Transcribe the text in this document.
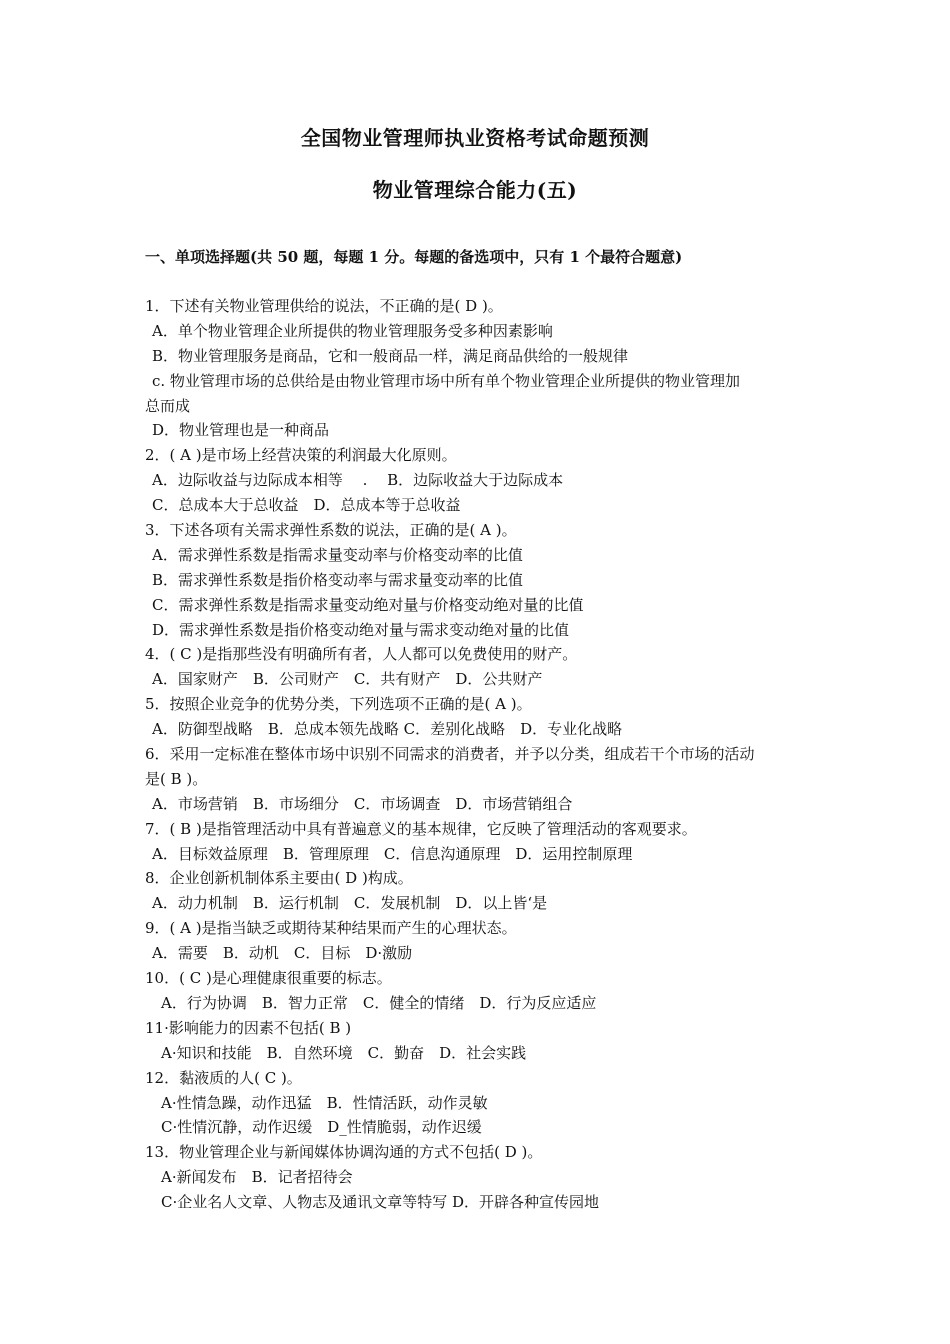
全国物业管理师执业资格考试命题预测
物业管理综合能力(五)
一、单项选择题(共 50 题，每题 1 分。每题的备选项中，只有 1 个最符合题意)
1．下述有关物业管理供给的说法，不正确的是( D )。
A．单个物业管理企业所提供的物业管理服务受多种因素影响
B．物业管理服务是商品，它和一般商品一样，满足商品供给的一般规律
c. 物业管理市场的总供给是由物业管理市场中所有单个物业管理企业所提供的物业管理加
总而成
D．物业管理也是一种商品
2．( A )是市场上经营决策的利润最大化原则。
A．边际收益与边际成本相等　 .　 B．边际收益大于边际成本
C．总成本大于总收益　D．总成本等于总收益
3．下述各项有关需求弹性系数的说法，正确的是( A )。
A．需求弹性系数是指需求量变动率与价格变动率的比值
B．需求弹性系数是指价格变动率与需求量变动率的比值
C．需求弹性系数是指需求量变动绝对量与价格变动绝对量的比值
D．需求弹性系数是指价格变动绝对量与需求变动绝对量的比值
4．( C )是指那些没有明确所有者，人人都可以免费使用的财产。
A．国家财产　B．公司财产　C．共有财产　D．公共财产
5．按照企业竞争的优势分类，下列选项不正确的是( A )。
A．防御型战略　B．总成本领先战略 C．差别化战略　D．专业化战略
6．采用一定标准在整体市场中识别不同需求的消费者，并予以分类，组成若干个市场的活动
是( B )。
A．市场营销　B．市场细分　C．市场调查　D．市场营销组合
7．( B )是指管理活动中具有普遍意义的基本规律，它反映了管理活动的客观要求。
A．目标效益原理　B．管理原理　C．信息沟通原理　D．运用控制原理
8．企业创新机制体系主要由( D )构成。
A．动力机制　B．运行机制　C．发展机制　D．以上皆‘是
9．( A )是指当缺乏或期待某种结果而产生的心理状态。
A．需要　B．动机　C．目标　D·激励
10．( C )是心理健康很重要的标志。
A．行为协调　B．智力正常　C．健全的情绪　D．行为反应适应
11·影响能力的因素不包括( B )
A·知识和技能　B．自然环境　C．勤奋　D．社会实践
12．黏液质的人( C )。
A·性情急躁，动作迅猛　B．性情活跃，动作灵敏
C·性情沉静，动作迟缓　D_性情脆弱，动作迟缓
13．物业管理企业与新闻媒体协调沟通的方式不包括( D )。
A·新闻发布　B．记者招待会
C·企业名人文章、人物志及通讯文章等特写 D．开辟各种宣传园地
